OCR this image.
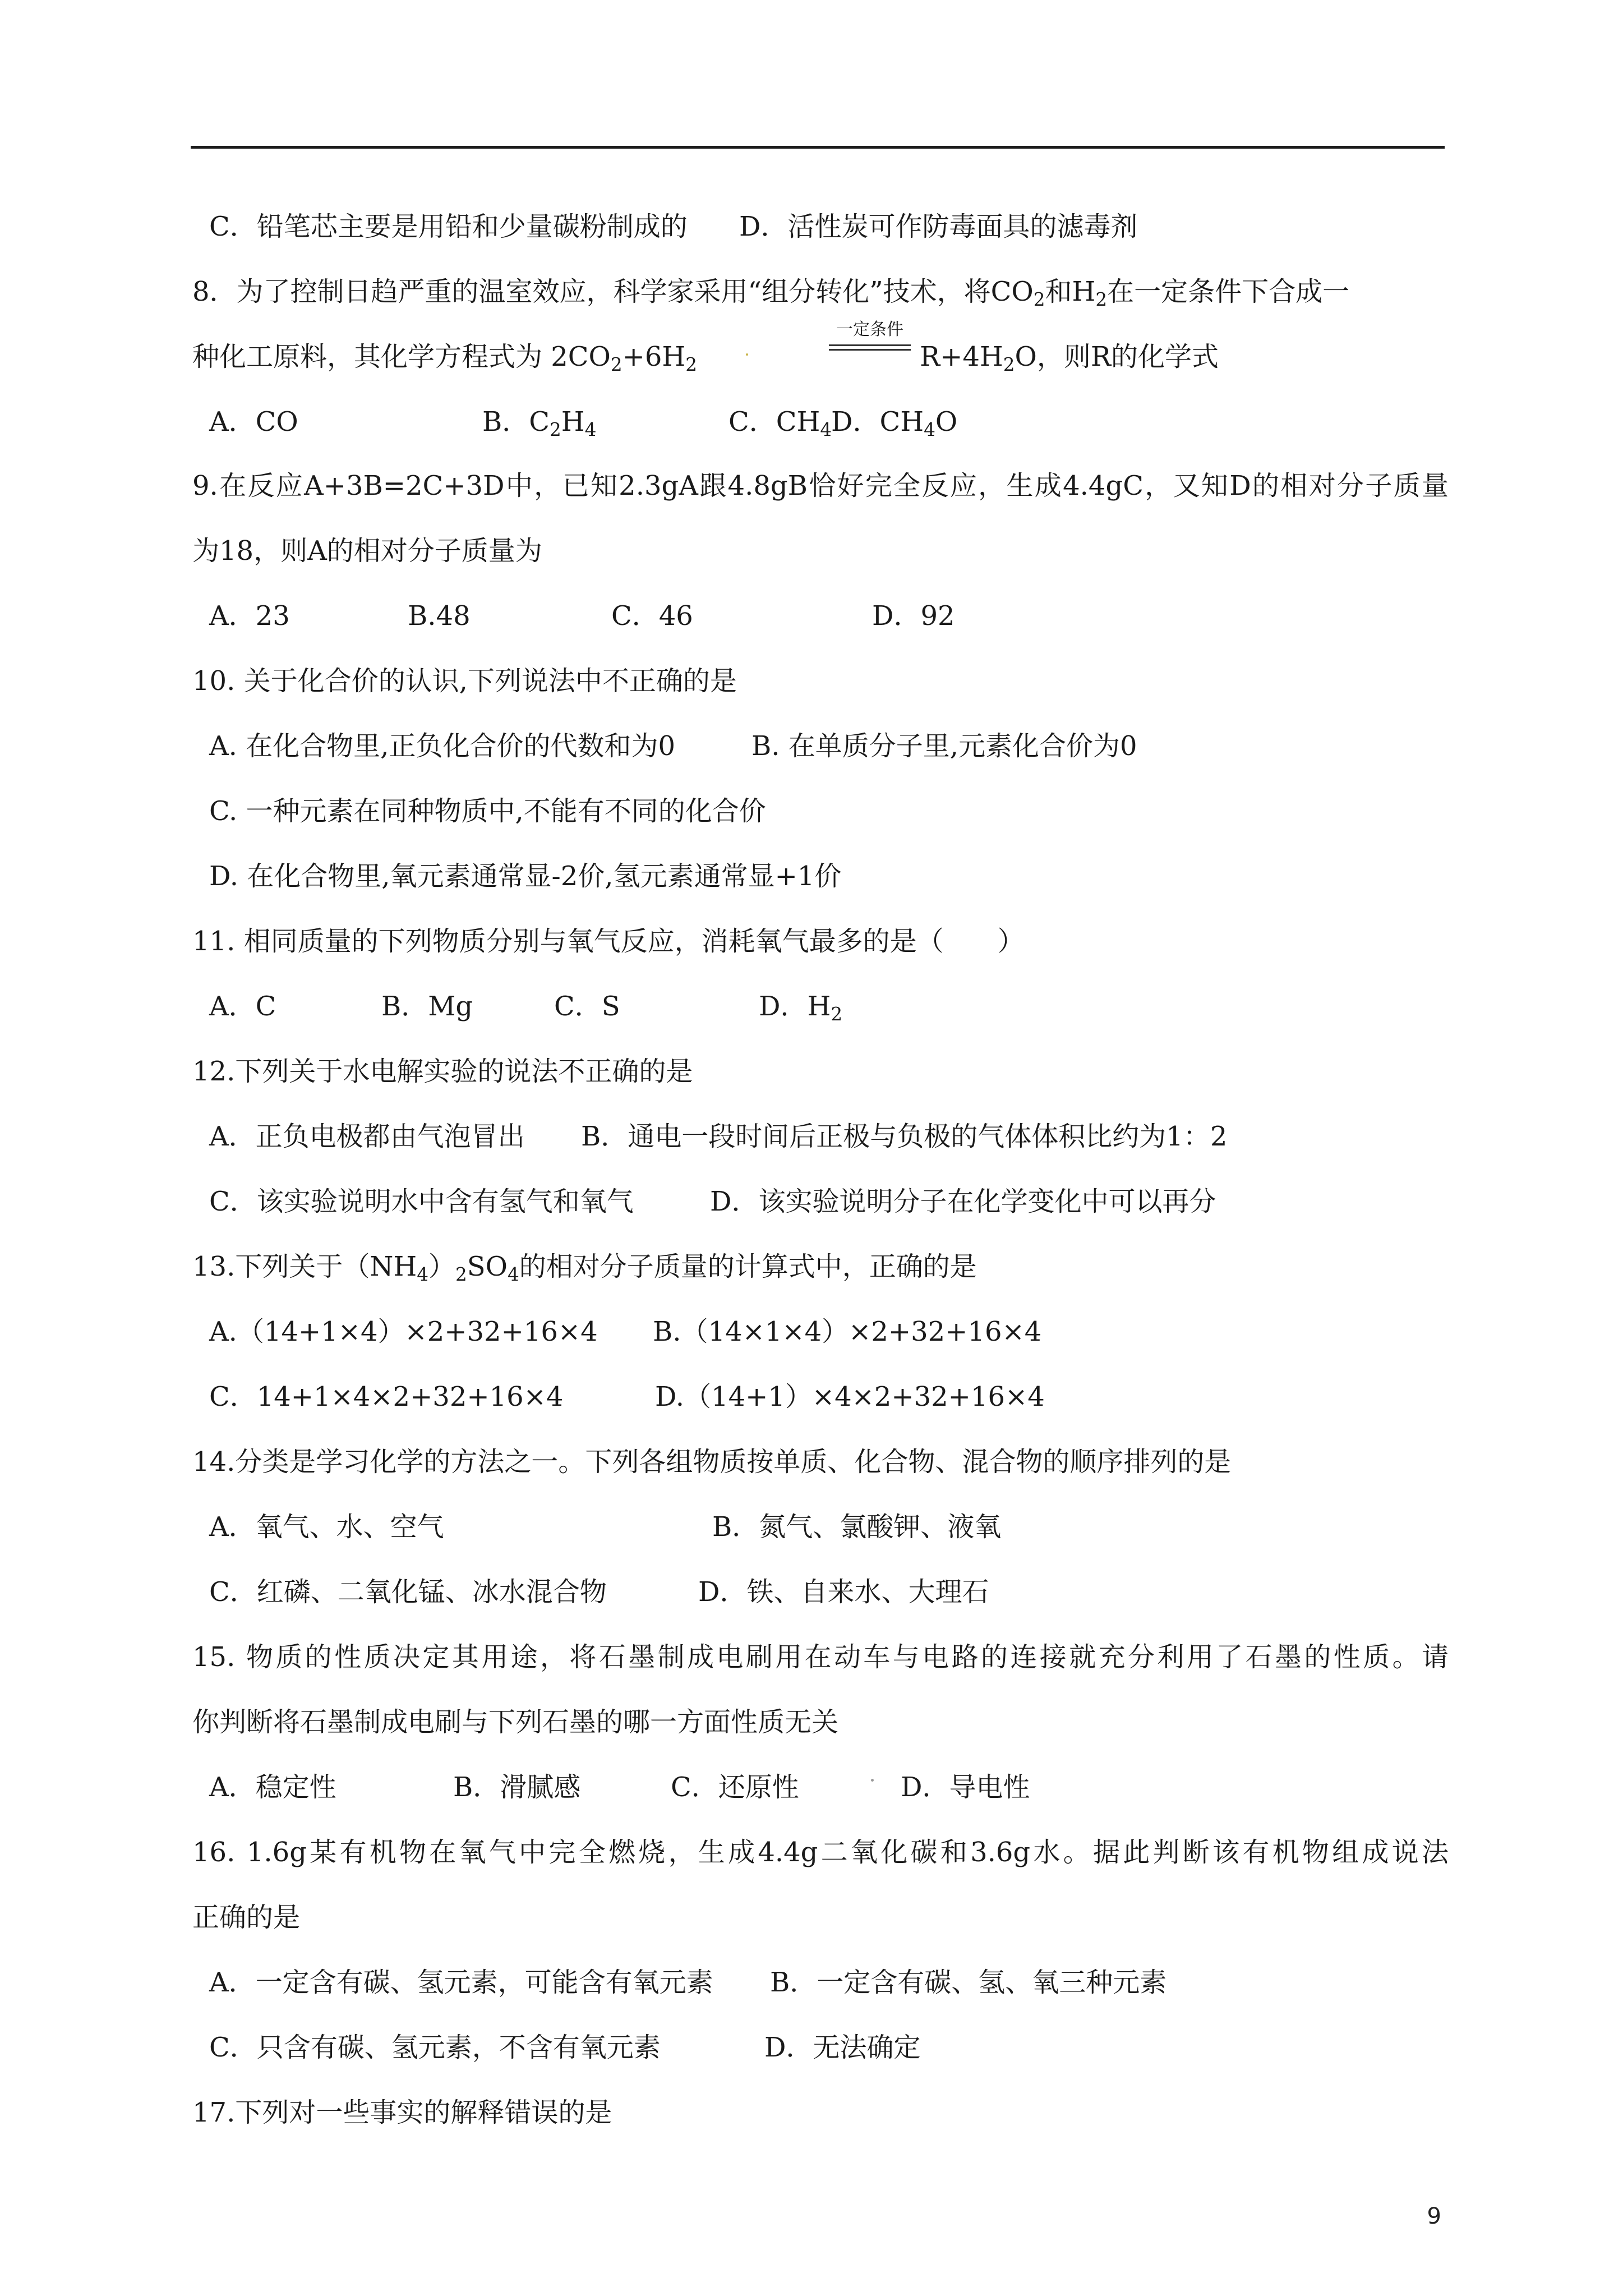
C．铅笔芯主要是用铅和少量碳粉制成的 D．活性炭可作防毒面具的滤毒剂
8．为了控制日趋严重的温室效应，科学家采用“组分转化”技术，将$CO_2$和$H_2$在一定条件下合成一
种化工原料，其化学方程式为 $2CO_2+6H_2$	$R+4H_2O$，则R的化学式
一定条件
A．CO	B．$C_2H_4$	C．$CH_4$
D．$CH_4O$
9.在反应A+3B=2C+3D中，已知2.3gA跟4.8gB恰好完全反应，生成4.4gC，又知D的相对分子质量
为18，则A的相对分子质量为
A．23	B.48	C．46	D．92
10. 关于化合价的认识,下列说法中不正确的是
A. 在化合物里,正负化合价的代数和为0	B. 在单质分子里,元素化合价为0
C. 一种元素在同种物质中,不能有不同的化合价
D. 在化合物里,氧元素通常显-2价,氢元素通常显+1价
11. 相同质量的下列物质分别与氧气反应，消耗氧气最多的是（　　）
A．C	B．Mg	C．S	D．$H_2$
12.下列关于水电解实验的说法不正确的是
A．正负电极都由气泡冒出 B．通电一段时间后正极与负极的气体体积比约为1：2
C．该实验说明水中含有氢气和氧气	D．该实验说明分子在化学变化中可以再分
13.下列关于$(NH_4)_2SO_4$的相对分子质量的计算式中，正确的是
A.（14+1×4）×2+32+16×4 B.（14×1×4）×2+32+16×4
C．14+1×4×2+32+16×4	D.（14+1）×4×2+32+16×4
14.分类是学习化学的方法之一。下列各组物质按单质、化合物、混合物的顺序排列的是
A．氧气、水、空气	B．氮气、氯酸钾、液氧
C．红磷、二氧化锰、冰水混合物	D．铁、自来水、大理石
15. 物质的性质决定其用途，将石墨制成电刷用在动车与电路的连接就充分利用了石墨的性质。请
你判断将石墨制成电刷与下列石墨的哪一方面性质无关
A．稳定性	B．滑腻感	C．还原性	D．导电性
16. 1.6g某有机物在氧气中完全燃烧，生成4.4g二氧化碳和3.6g水。据此判断该有机物组成说法
正确的是
A．一定含有碳、氢元素，可能含有氧元素 B．一定含有碳、氢、氧三种元素
C．只含有碳、氢元素，不含有氧元素	D．无法确定
17.下列对一些事实的解释错误的是
9
